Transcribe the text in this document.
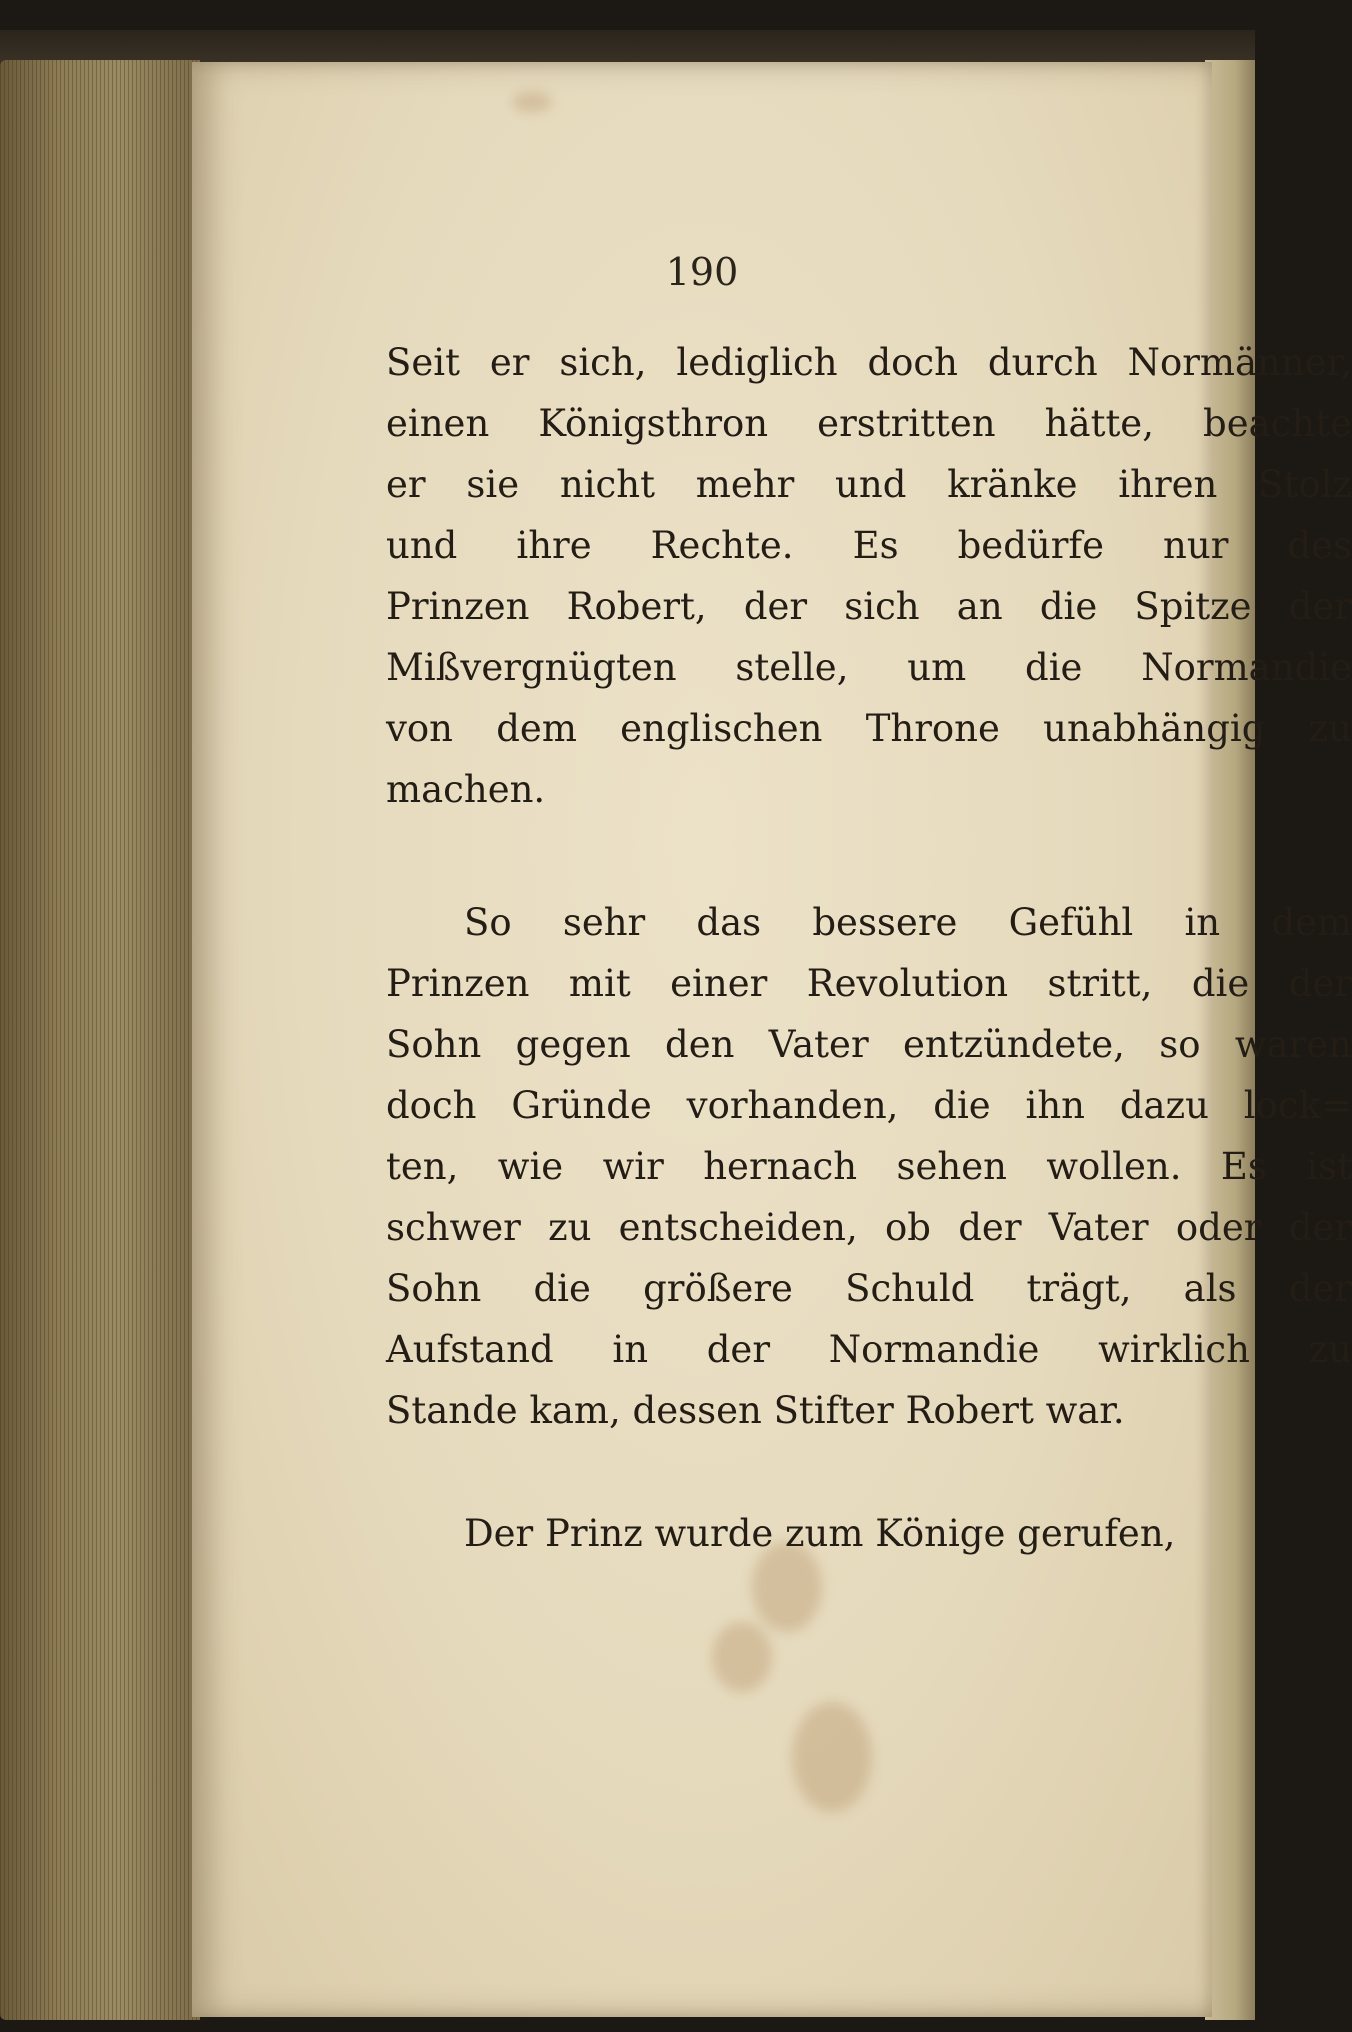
190

Seit er sich, lediglich doch durch Normänner,
einen Königsthron erstritten hätte, beachte
er sie nicht mehr und kränke ihren Stolz
und ihre Rechte. Es bedürfe nur des
Prinzen Robert, der sich an die Spitze der
Mißvergnügten stelle, um die Normandie
von dem englischen Throne unabhängig zu
machen.

So sehr das bessere Gefühl in dem
Prinzen mit einer Revolution stritt, die der
Sohn gegen den Vater entzündete, so waren
doch Gründe vorhanden, die ihn dazu lock=
ten, wie wir hernach sehen wollen. Es ist
schwer zu entscheiden, ob der Vater oder der
Sohn die größere Schuld trägt, als der
Aufstand in der Normandie wirklich zu
Stande kam, dessen Stifter Robert war.

Der Prinz wurde zum Könige gerufen,
